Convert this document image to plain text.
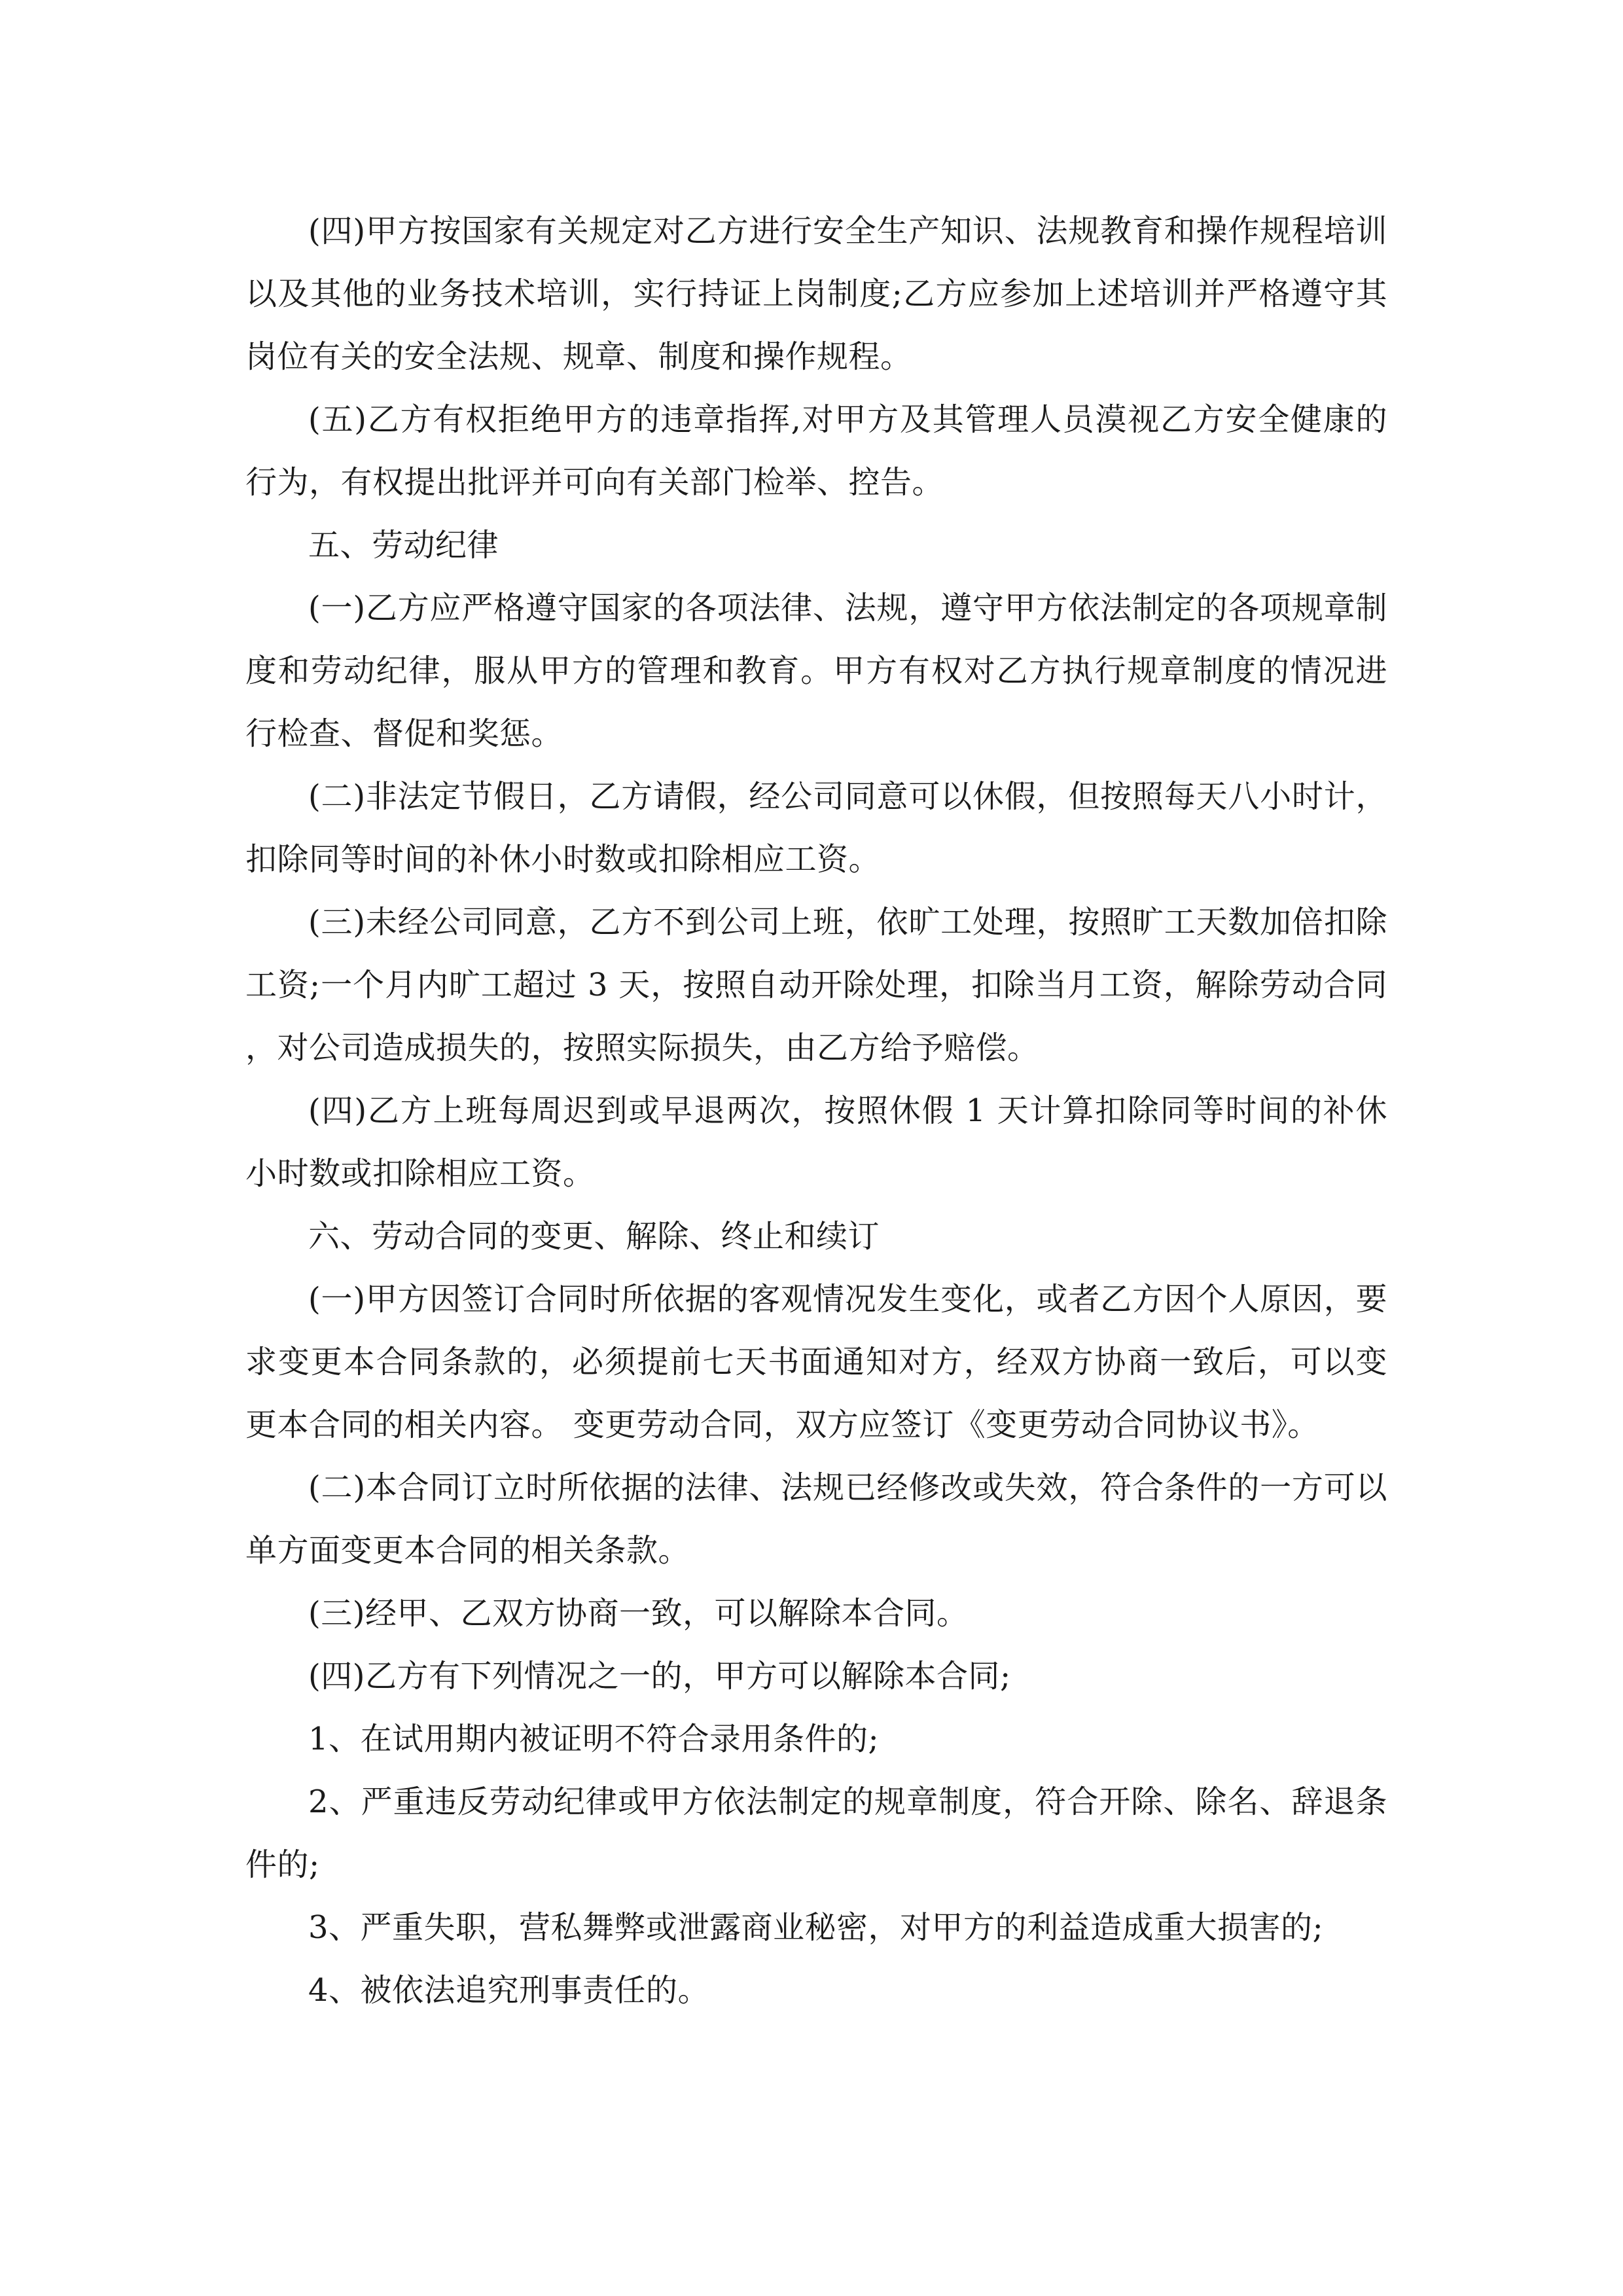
(四)甲方按国家有关规定对乙方进行安全生产知识、法规教育和操作规程培训以及其他的业务技术培训，实行持证上岗制度;乙方应参加上述培训并严格遵守其岗位有关的安全法规、规章、制度和操作规程。

(五)乙方有权拒绝甲方的违章指挥,对甲方及其管理人员漠视乙方安全健康的行为，有权提出批评并可向有关部门检举、控告。

五、劳动纪律

(一)乙方应严格遵守国家的各项法律、法规，遵守甲方依法制定的各项规章制度和劳动纪律，服从甲方的管理和教育。甲方有权对乙方执行规章制度的情况进行检查、督促和奖惩。

(二)非法定节假日，乙方请假，经公司同意可以休假，但按照每天八小时计，扣除同等时间的补休小时数或扣除相应工资。

(三)未经公司同意，乙方不到公司上班，依旷工处理，按照旷工天数加倍扣除工资;一个月内旷工超过 3 天，按照自动开除处理，扣除当月工资，解除劳动合同，对公司造成损失的，按照实际损失，由乙方给予赔偿。

(四)乙方上班每周迟到或早退两次，按照休假 1 天计算扣除同等时间的补休小时数或扣除相应工资。

六、劳动合同的变更、解除、终止和续订

(一)甲方因签订合同时所依据的客观情况发生变化，或者乙方因个人原因，要求变更本合同条款的，必须提前七天书面通知对方，经双方协商一致后，可以变更本合同的相关内容。 变更劳动合同，双方应签订《变更劳动合同协议书》。

(二)本合同订立时所依据的法律、法规已经修改或失效，符合条件的一方可以单方面变更本合同的相关条款。

(三)经甲、乙双方协商一致，可以解除本合同。

(四)乙方有下列情况之一的，甲方可以解除本合同;

1、在试用期内被证明不符合录用条件的;

2、严重违反劳动纪律或甲方依法制定的规章制度，符合开除、除名、辞退条件的;

3、严重失职，营私舞弊或泄露商业秘密，对甲方的利益造成重大损害的;

4、被依法追究刑事责任的。
